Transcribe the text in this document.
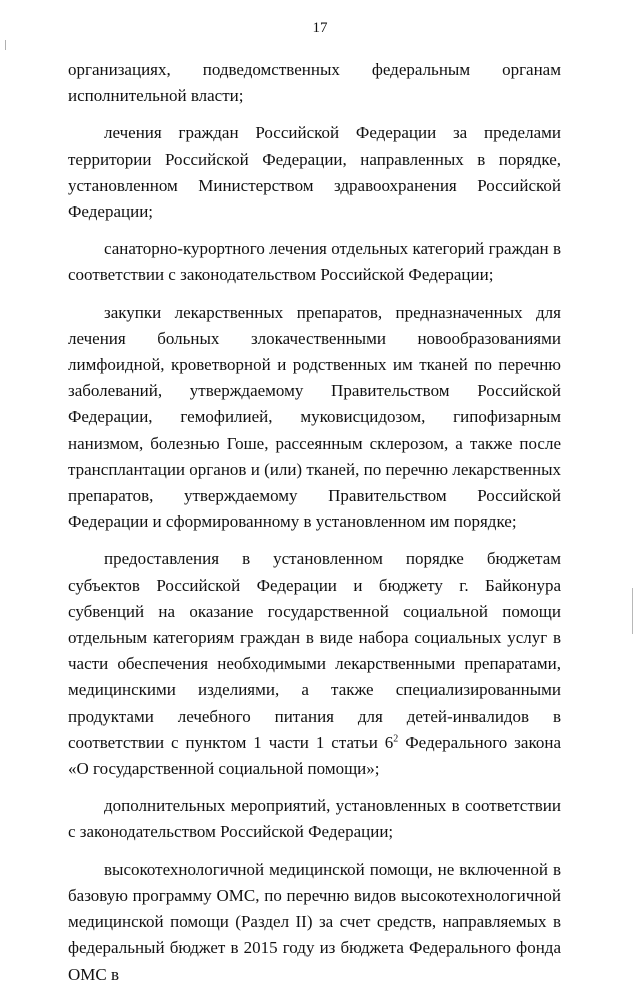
17

организациях, подведомственных федеральным органам исполнительной власти;

лечения граждан Российской Федерации за пределами территории Российской Федерации, направленных в порядке, установленном Министерством здравоохранения Российской Федерации;

санаторно-курортного лечения отдельных категорий граждан в соответствии с законодательством Российской Федерации;

закупки лекарственных препаратов, предназначенных для лечения больных злокачественными новообразованиями лимфоидной, кроветворной и родственных им тканей по перечню заболеваний, утверждаемому Правительством Российской Федерации, гемофилией, муковисцидозом, гипофизарным нанизмом, болезнью Гоше, рассеянным склерозом, а также после трансплантации органов и (или) тканей, по перечню лекарственных препаратов, утверждаемому Правительством Российской Федерации и сформированному в установленном им порядке;

предоставления в установленном порядке бюджетам субъектов Российской Федерации и бюджету г. Байконура субвенций на оказание государственной социальной помощи отдельным категориям граждан в виде набора социальных услуг в части обеспечения необходимыми лекарственными препаратами, медицинскими изделиями, а также специализированными продуктами лечебного питания для детей-инвалидов в соответствии с пунктом 1 части 1 статьи $6^2$ Федерального закона «О государственной социальной помощи»;

дополнительных мероприятий, установленных в соответствии с законодательством Российской Федерации;

высокотехнологичной медицинской помощи, не включенной в базовую программу ОМС, по перечню видов высокотехнологичной медицинской помощи (Раздел II) за счет средств, направляемых в федеральный бюджет в 2015 году из бюджета Федерального фонда ОМС в
